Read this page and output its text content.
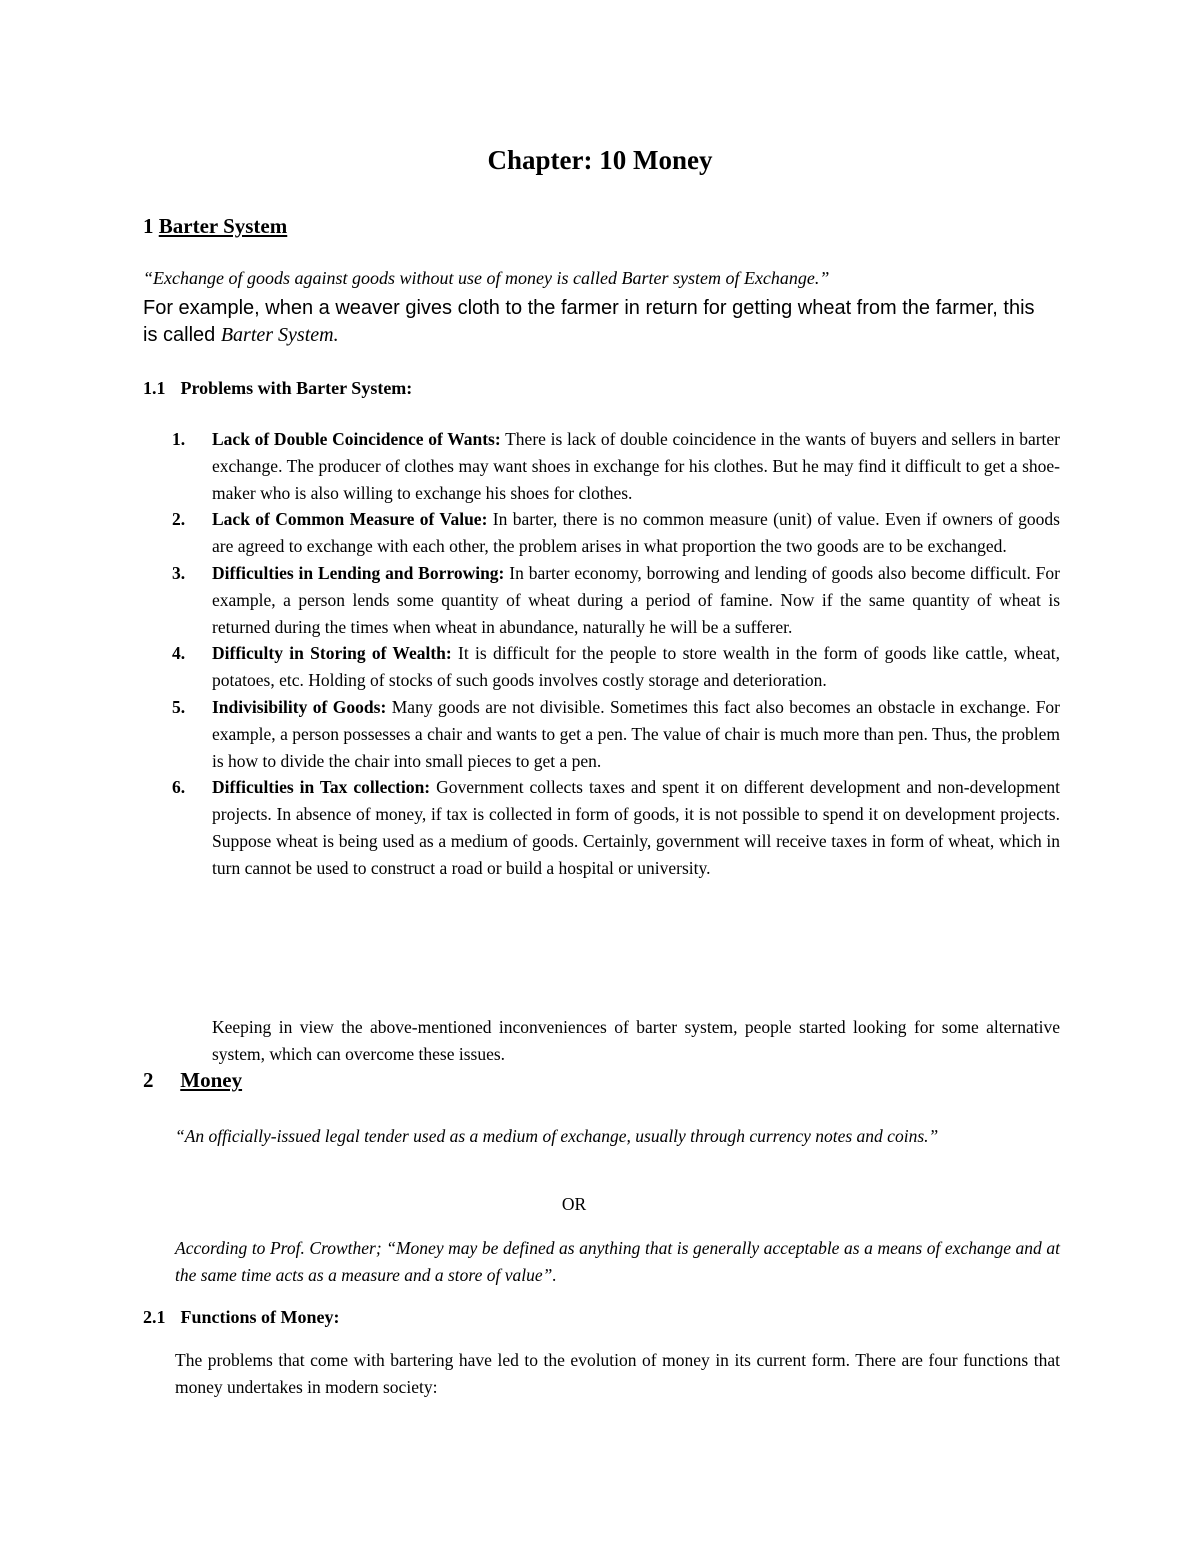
Chapter: 10 Money
1 Barter System
“Exchange of goods against goods without use of money is called Barter system of Exchange.”
For example, when a weaver gives cloth to the farmer in return for getting wheat from the farmer, this is called Barter System.
1.1 Problems with Barter System:
1. Lack of Double Coincidence of Wants: There is lack of double coincidence in the wants of buyers and sellers in barter exchange. The producer of clothes may want shoes in exchange for his clothes. But he may find it difficult to get a shoe-maker who is also willing to exchange his shoes for clothes.
2. Lack of Common Measure of Value: In barter, there is no common measure (unit) of value. Even if owners of goods are agreed to exchange with each other, the problem arises in what proportion the two goods are to be exchanged.
3. Difficulties in Lending and Borrowing: In barter economy, borrowing and lending of goods also become difficult. For example, a person lends some quantity of wheat during a period of famine. Now if the same quantity of wheat is returned during the times when wheat in abundance, naturally he will be a sufferer.
4. Difficulty in Storing of Wealth: It is difficult for the people to store wealth in the form of goods like cattle, wheat, potatoes, etc. Holding of stocks of such goods involves costly storage and deterioration.
5. Indivisibility of Goods: Many goods are not divisible. Sometimes this fact also becomes an obstacle in exchange. For example, a person possesses a chair and wants to get a pen. The value of chair is much more than pen. Thus, the problem is how to divide the chair into small pieces to get a pen.
6. Difficulties in Tax collection: Government collects taxes and spent it on different development and non-development projects. In absence of money, if tax is collected in form of goods, it is not possible to spend it on development projects. Suppose wheat is being used as a medium of goods. Certainly, government will receive taxes in form of wheat, which in turn cannot be used to construct a road or build a hospital or university.
Keeping in view the above-mentioned inconveniences of barter system, people started looking for some alternative system, which can overcome these issues.
2 Money
“An officially-issued legal tender used as a medium of exchange, usually through currency notes and coins.”
OR
According to Prof. Crowther; “Money may be defined as anything that is generally acceptable as a means of exchange and at the same time acts as a measure and a store of value”.
2.1 Functions of Money:
The problems that come with bartering have led to the evolution of money in its current form. There are four functions that money undertakes in modern society:
